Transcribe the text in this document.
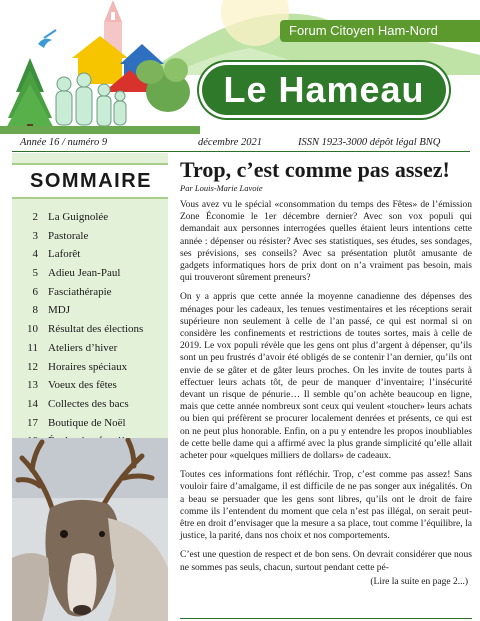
Forum Citoyen Ham-Nord
Le Hameau
Année 16 / numéro 9	décembre 2021	ISSN 1923-3000 dépôt légal BNQ
SOMMAIRE
2 La Guignolée
3 Pastorale
4 Laforêt
5 Adieu Jean-Paul
6 Fasciathérapie
8 MDJ
10 Résultat des élections
11 Ateliers d’hiver
12 Horaires spéciaux
13 Voeux des fêtes
14 Collectes des bacs
17 Boutique de Noël
Trop, c’est comme pas assez!
Par Louis-Marie Lavoie

Vous avez vu le spécial «consommation du temps des Fêtes» de l’émission Zone Économie le 1er décembre dernier? Avec son vox populi qui demandait aux personnes interrogées quelles étaient leurs intentions cette année : dépenser ou résister? Avec ses statistiques, ses études, ses sondages, ses prévisions, ses conseils? Avec sa présentation plutôt amusante de gadgets informatiques hors de prix dont on n’a vraiment pas besoin, mais qui trouveront sûrement preneurs?

On y a appris que cette année la moyenne canadienne des dépenses des ménages pour les cadeaux, les tenues vestimentaires et les réceptions serait supérieure non seulement à celle de l’an passé, ce qui est normal si on considère les confinements et restrictions de toutes sortes, mais à celle de 2019. Le vox populi révèle que les gens ont plus d’argent à dépenser, qu’ils sont un peu frustrés d’avoir été obligés de se contenir l’an dernier, qu’ils ont envie de se gâter et de gâter leurs proches. On les invite de toutes parts à effectuer leurs achats tôt, de peur de manquer d’inventaire; l’insécurité devant un risque de pénurie… Il semble qu’on achète beaucoup en ligne, mais que cette année nombreux sont ceux qui veulent «toucher» leurs achats ou bien qui préfèrent se procurer localement denrées et présents, ce qui est on ne peut plus honorable. Enfin, on a pu y entendre les propos inoubliables de cette belle dame qui a affirmé avec la plus grande simplicité qu’elle allait acheter pour «quelques milliers de dollars» de cadeaux.

Toutes ces informations font réfléchir. Trop, c’est comme pas assez! Sans vouloir faire d’amalgame, il est difficile de ne pas songer aux inégalités. On a beau se persuader que les gens sont libres, qu’ils ont le droit de faire comme ils l’entendent du moment que cela n’est pas illégal, on serait peut-être en droit d’envisager que la mesure a sa place, tout comme l’équilibre, la justice, la parité, dans nos choix et nos comportements.

C’est une question de respect et de bon sens. On devrait considérer que nous ne sommes pas seuls, chacun, surtout pendant cette pé-

(Lire la suite en page 2...)
